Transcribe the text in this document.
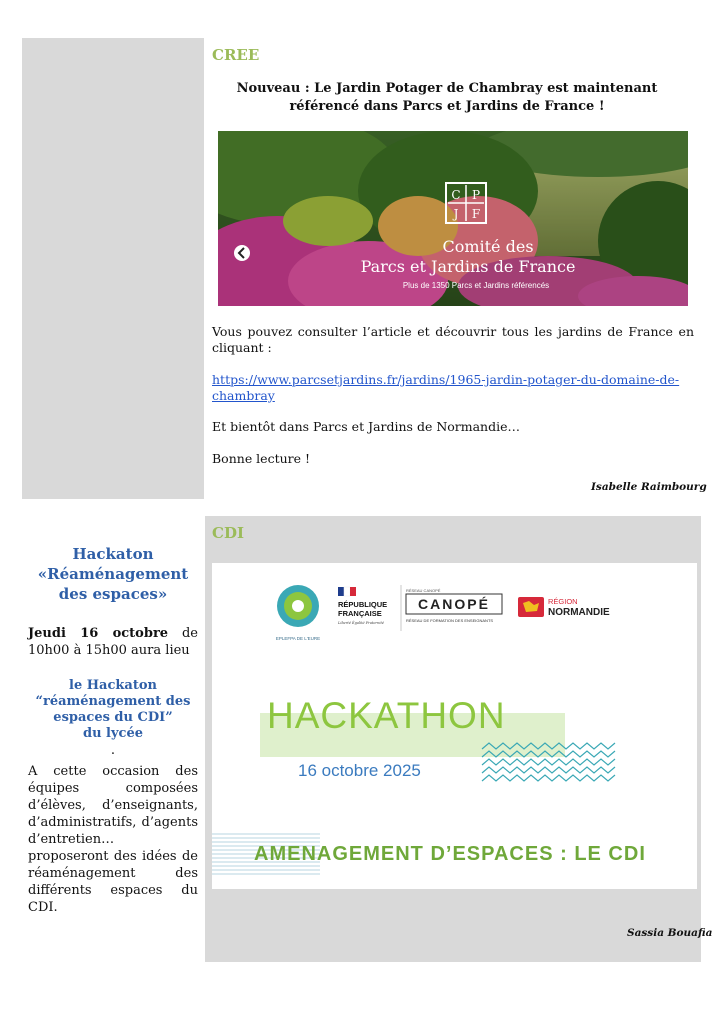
CREE
Nouveau : Le Jardin Potager de Chambray est maintenant
référencé dans Parcs et Jardins de France !
C P
J F
Comité des
Parcs et Jardins de France
Plus de 1350 Parcs et Jardins référencés
Vous pouvez consulter l’article et découvrir tous les jardins de France en cliquant :
https://www.parcsetjardins.fr/jardins/1965-jardin-potager-du-domaine-de-
chambray
Et bientôt dans Parcs et Jardins de Normandie…
Bonne lecture !
Isabelle Raimbourg
Hackaton
«Réaménagement
des espaces»
Jeudi 16 octobre de 10h00 à 15h00 aura lieu
le Hackaton
“réaménagement des
espaces du CDI”
du lycée
.
A cette occasion des équipes composées d’élèves, d’enseignants, d’administratifs, d’agents d’entretien… proposeront des idées de réaménagement des différents espaces du CDI.
CDI
EPLEFPA DE L'EURE
RÉPUBLIQUE
FRANÇAISE
Liberté Égalité Fraternité
RÉSEAU CANOPÉ
CANOPÉ
RÉSEAU DE FORMATION DES ENSEIGNANTS
RÉGION
NORMANDIE
HACKATHON
16 octobre 2025
AMENAGEMENT D’ESPACES : LE CDI
Sassia Bouafia
